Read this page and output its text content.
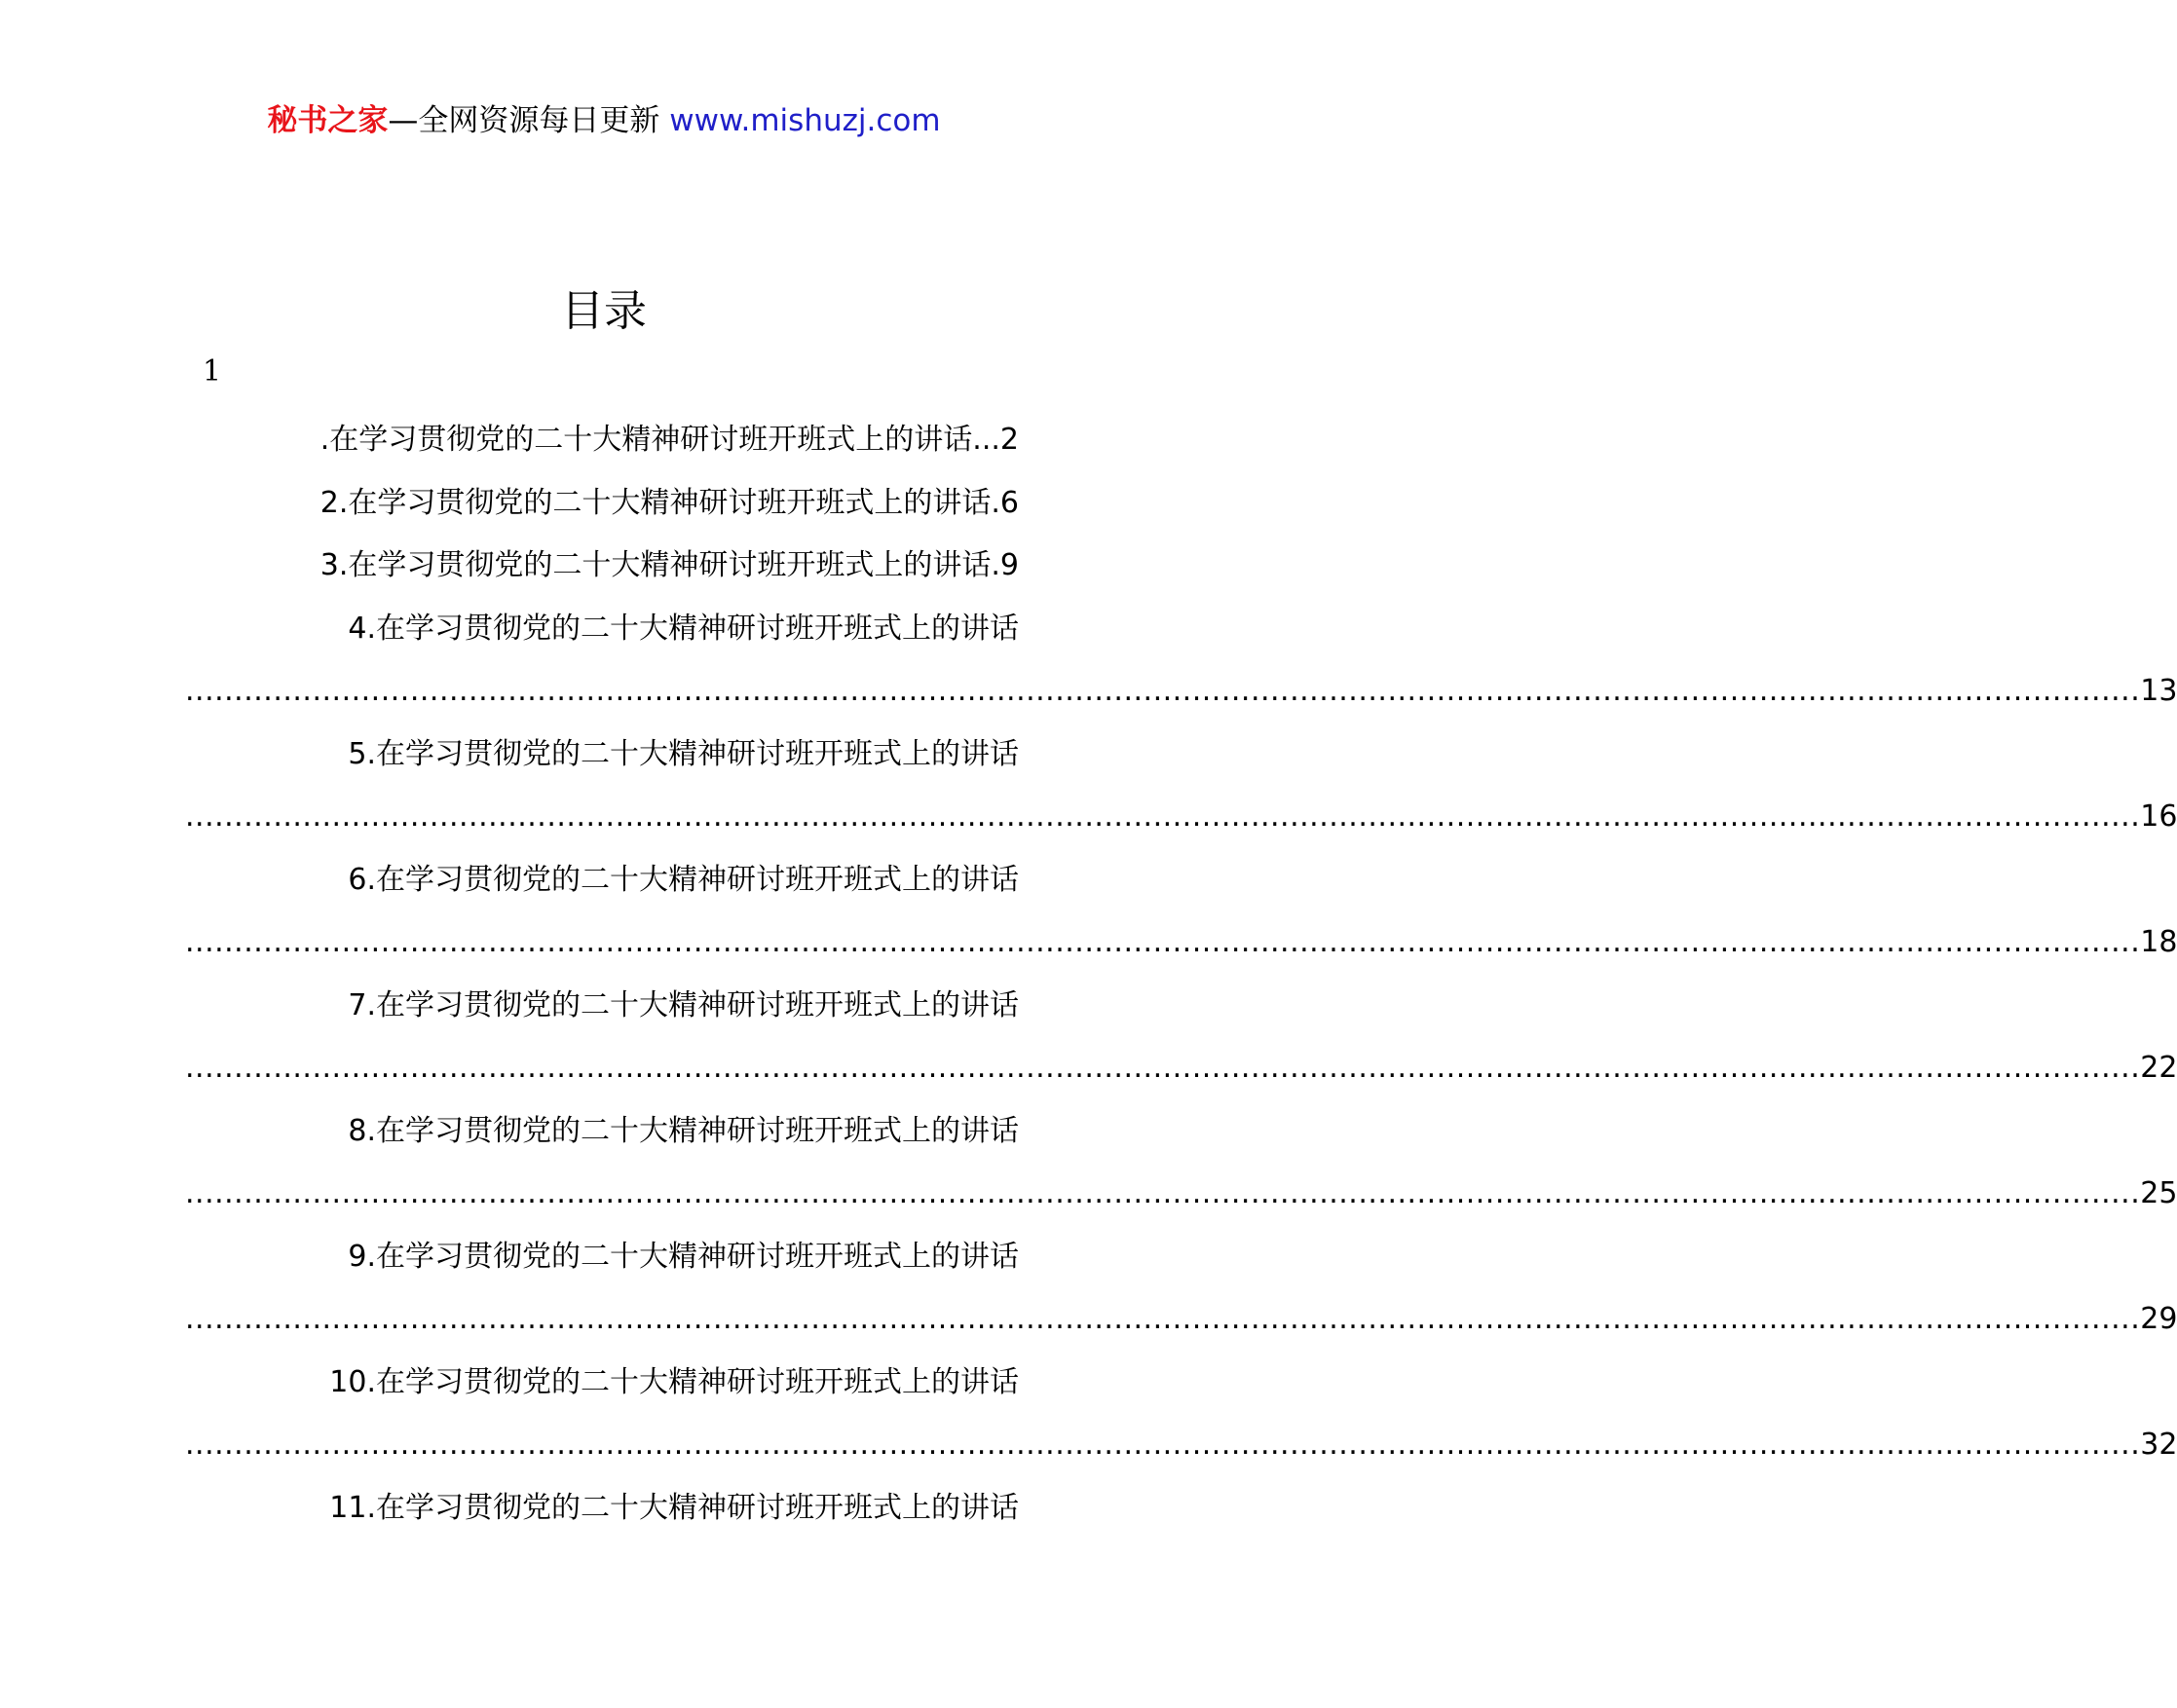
秘书之家—全网资源每日更新 www.mishuzj.com
目录
1
.在学习贯彻党的二十大精神研讨班开班式上的讲话...2
2.在学习贯彻党的二十大精神研讨班开班式上的讲话.6
3.在学习贯彻党的二十大精神研讨班开班式上的讲话.9
4.在学习贯彻党的二十大精神研讨班开班式上的讲话
........................................................................................................................................................................................................ 13
5.在学习贯彻党的二十大精神研讨班开班式上的讲话
........................................................................................................................................................................................................ 16
6.在学习贯彻党的二十大精神研讨班开班式上的讲话
........................................................................................................................................................................................................ 18
7.在学习贯彻党的二十大精神研讨班开班式上的讲话
........................................................................................................................................................................................................ 22
8.在学习贯彻党的二十大精神研讨班开班式上的讲话
........................................................................................................................................................................................................ 25
9.在学习贯彻党的二十大精神研讨班开班式上的讲话
........................................................................................................................................................................................................ 29
10.在学习贯彻党的二十大精神研讨班开班式上的讲话
........................................................................................................................................................................................................ 32
11.在学习贯彻党的二十大精神研讨班开班式上的讲话
